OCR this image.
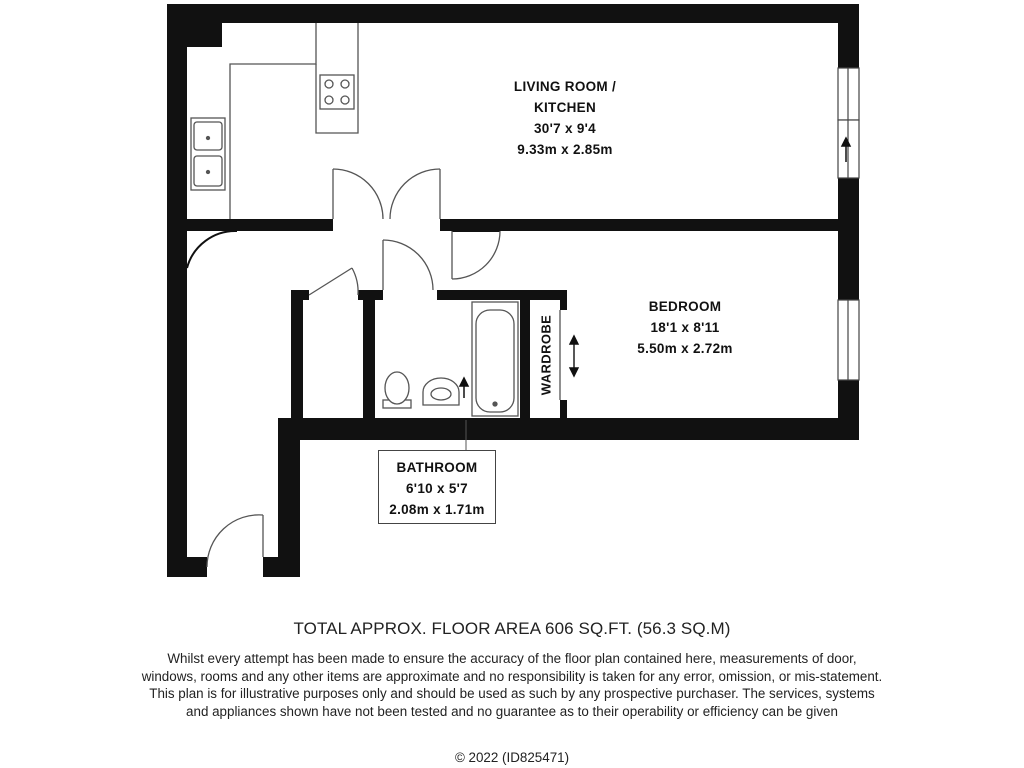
LIVING ROOM /
KITCHEN
30'7 x 9'4
9.33m x 2.85m
BEDROOM
18'1 x 8'11
5.50m x 2.72m
BATHROOM
6'10 x 5'7
2.08m x 1.71m
WARDROBE
TOTAL APPROX. FLOOR AREA 606 SQ.FT. (56.3 SQ.M)
Whilst every attempt has been made to ensure the accuracy of the floor plan contained here, measurements of door, windows, rooms and any other items are approximate and no responsibility is taken for any error, omission, or mis-statement. This plan is for illustrative purposes only and should be used as such by any prospective purchaser. The services, systems and appliances shown have not been tested and no guarantee as to their operability or efficiency can be given
© 2022 (ID825471)
